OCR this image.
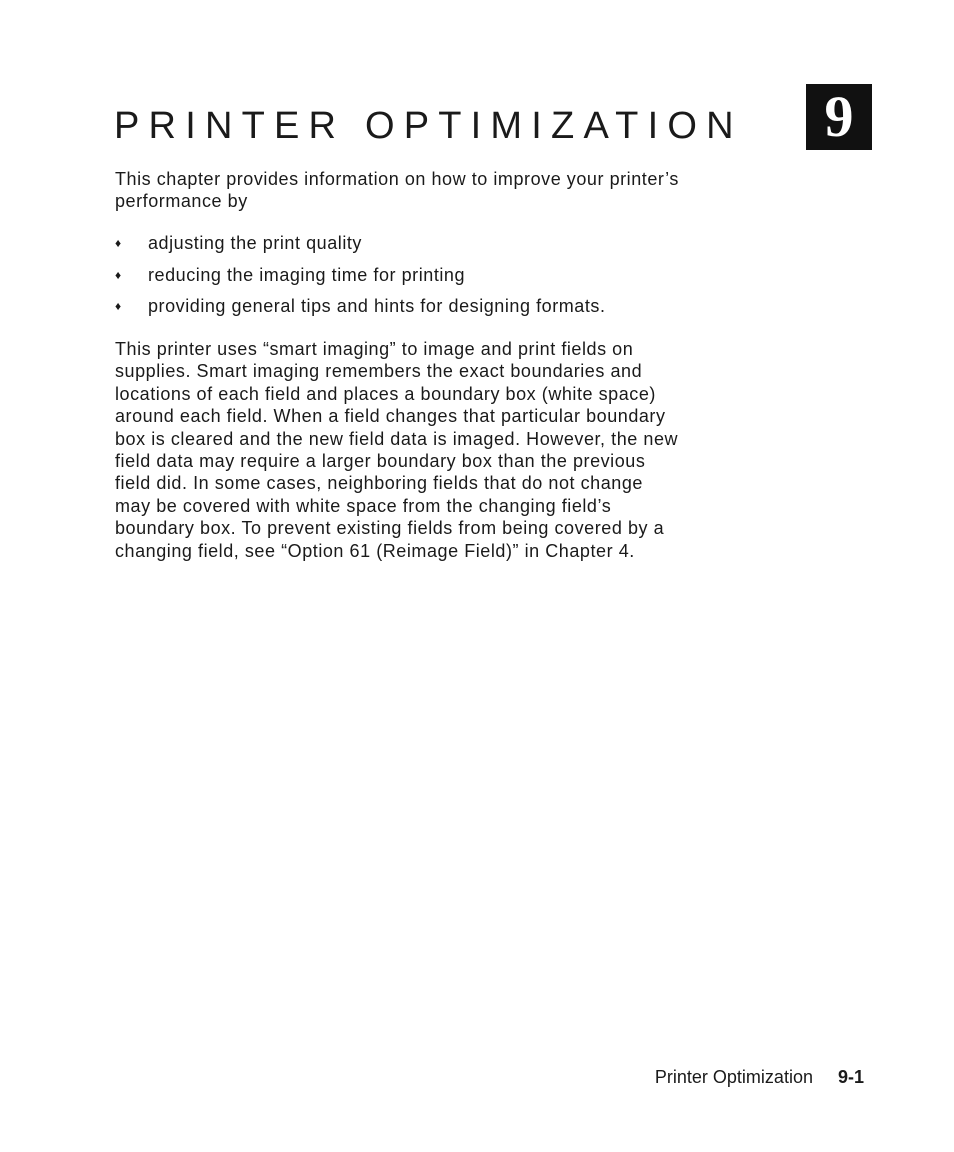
PRINTER OPTIMIZATION	9

This chapter provides information on how to improve your printer’s
performance by

♦ adjusting the print quality
♦ reducing the imaging time for printing
♦ providing general tips and hints for designing formats.

This printer uses “smart imaging” to image and print fields on
supplies. Smart imaging remembers the exact boundaries and
locations of each field and places a boundary box (white space)
around each field. When a field changes that particular boundary
box is cleared and the new field data is imaged. However, the new
field data may require a larger boundary box than the previous
field did. In some cases, neighboring fields that do not change
may be covered with white space from the changing field’s
boundary box. To prevent existing fields from being covered by a
changing field, see “Option 61 (Reimage Field)” in Chapter 4.

Printer Optimization 9-1
